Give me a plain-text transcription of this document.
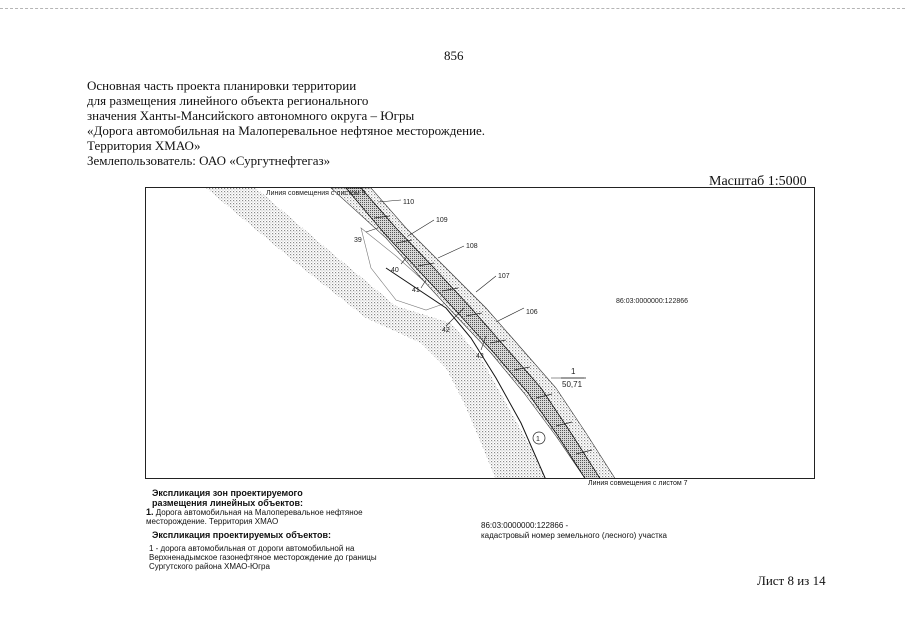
856
Основная часть проекта планировки территории
для размещения линейного объекта регионального
значения Ханты-Мансийского автономного округа – Югры
«Дорога автомобильная на Малоперевальное нефтяное месторождение.
Территория ХМАО»
Землепользователь: ОАО «Сургутнефтегаз»
Масштаб 1:5000
86:03:0000000:122866
Линия совмещения с листом 9
110
109
108
107
106
39
40
41
42
43
1
50,71
1
Линия совмещения с листом 7
Экспликация зон проектируемого размещения линейных объектов:
1. Дорога автомобильная на Малоперевальное нефтяное месторождение. Территория ХМАО
Экспликация проектируемых объектов:
1 - дорога автомобильная от дороги автомобильной на Верхненадымское газонефтяное месторождение до границы Сургутского района ХМАО-Югра
86:03:0000000:122866 -
кадастровый номер земельного (лесного) участка
Лист 8 из 14
